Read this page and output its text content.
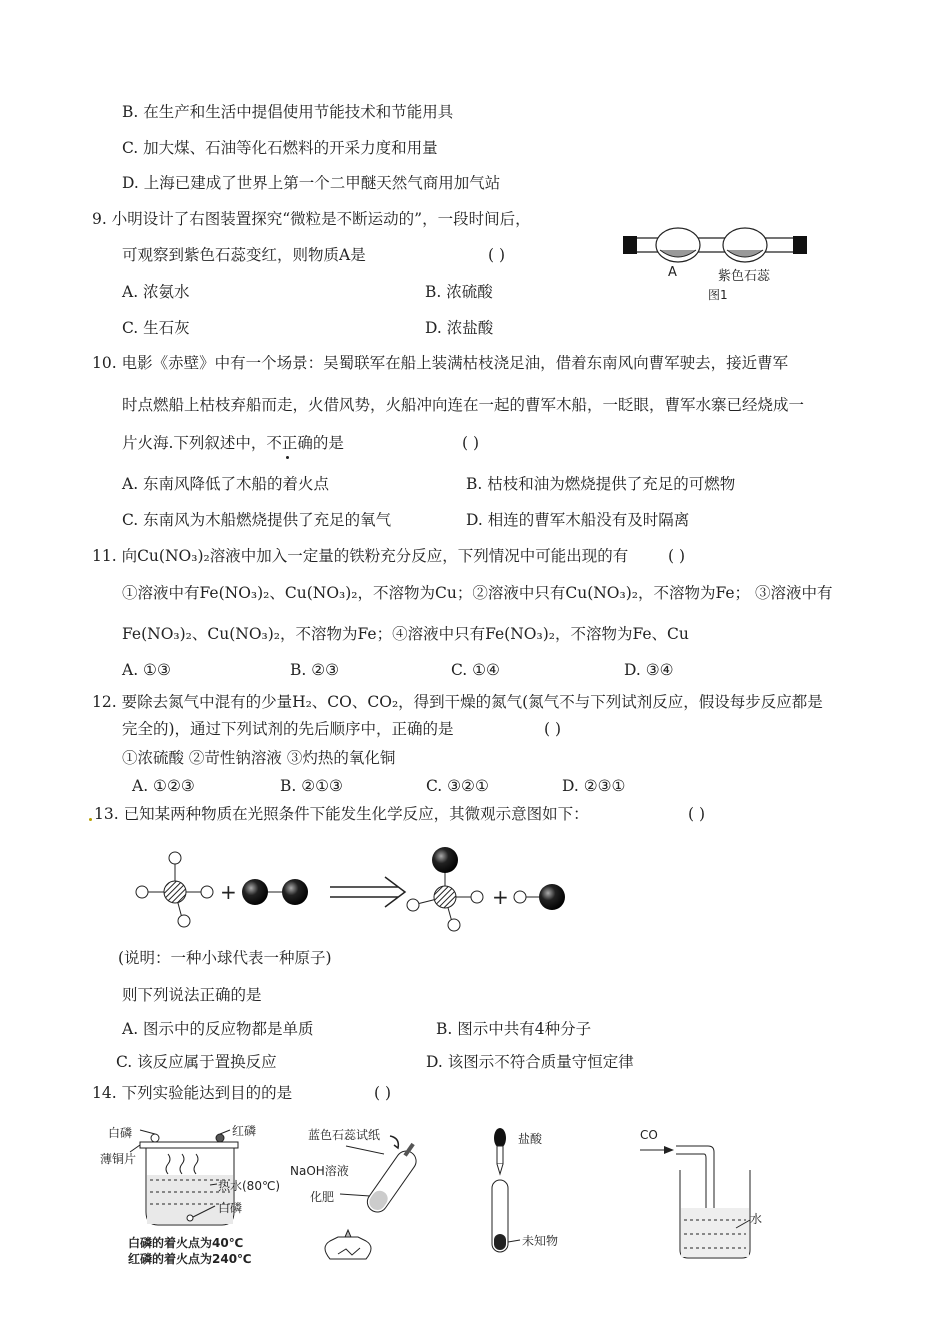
B. 在生产和生活中提倡使用节能技术和节能用具
C. 加大煤、石油等化石燃料的开采力度和用量
D. 上海已建成了世界上第一个二甲醚天然气商用加气站
9. 小明设计了右图装置探究“微粒是不断运动的”，一段时间后，
可观察到紫色石蕊变红，则物质A是	( )
A. 浓氨水	B. 浓硫酸
C. 生石灰	D. 浓盐酸
A	紫色石蕊
图1
10. 电影《赤壁》中有一个场景：吴蜀联军在船上装满枯枝浇足油，借着东南风向曹军驶去，接近曹军
时点燃船上枯枝弃船而走，火借风势，火船冲向连在一起的曹军木船，一眨眼，曹军水寨已经烧成一
片火海.下列叙述中，不正确的是	( )
A. 东南风降低了木船的着火点	B. 枯枝和油为燃烧提供了充足的可燃物
C. 东南风为木船燃烧提供了充足的氧气	D. 相连的曹军木船没有及时隔离
11. 向Cu(NO₃)₂溶液中加入一定量的铁粉充分反应，下列情况中可能出现的有	( )
①溶液中有Fe(NO₃)₂、Cu(NO₃)₂，不溶物为Cu；②溶液中只有Cu(NO₃)₂，不溶物为Fe； ③溶液中有
Fe(NO₃)₂、Cu(NO₃)₂，不溶物为Fe；④溶液中只有Fe(NO₃)₂，不溶物为Fe、Cu
A. ①③	B. ②③	C. ①④	D. ③④
12. 要除去氮气中混有的少量H₂、CO、CO₂，得到干燥的氮气(氮气不与下列试剂反应，假设每步反应都是
完全的)，通过下列试剂的先后顺序中，正确的是	( )
①浓硫酸 ②苛性钠溶液 ③灼热的氧化铜
A. ①②③	B. ②①③	C. ③②①	D. ②③①
13. 已知某两种物质在光照条件下能发生化学反应，其微观示意图如下：	( )
+	+
(说明：一种小球代表一种原子)
则下列说法正确的是
A. 图示中的反应物都是单质	B. 图示中共有4种分子
C. 该反应属于置换反应	D. 该图示不符合质量守恒定律
14. 下列实验能达到目的的是	( )
白磷	红磷
薄铜片
热水(80℃)
白磷
白磷的着火点为40℃
红磷的着火点为240℃
蓝色石蕊试纸
NaOH溶液
化肥
盐酸
未知物
CO
水
